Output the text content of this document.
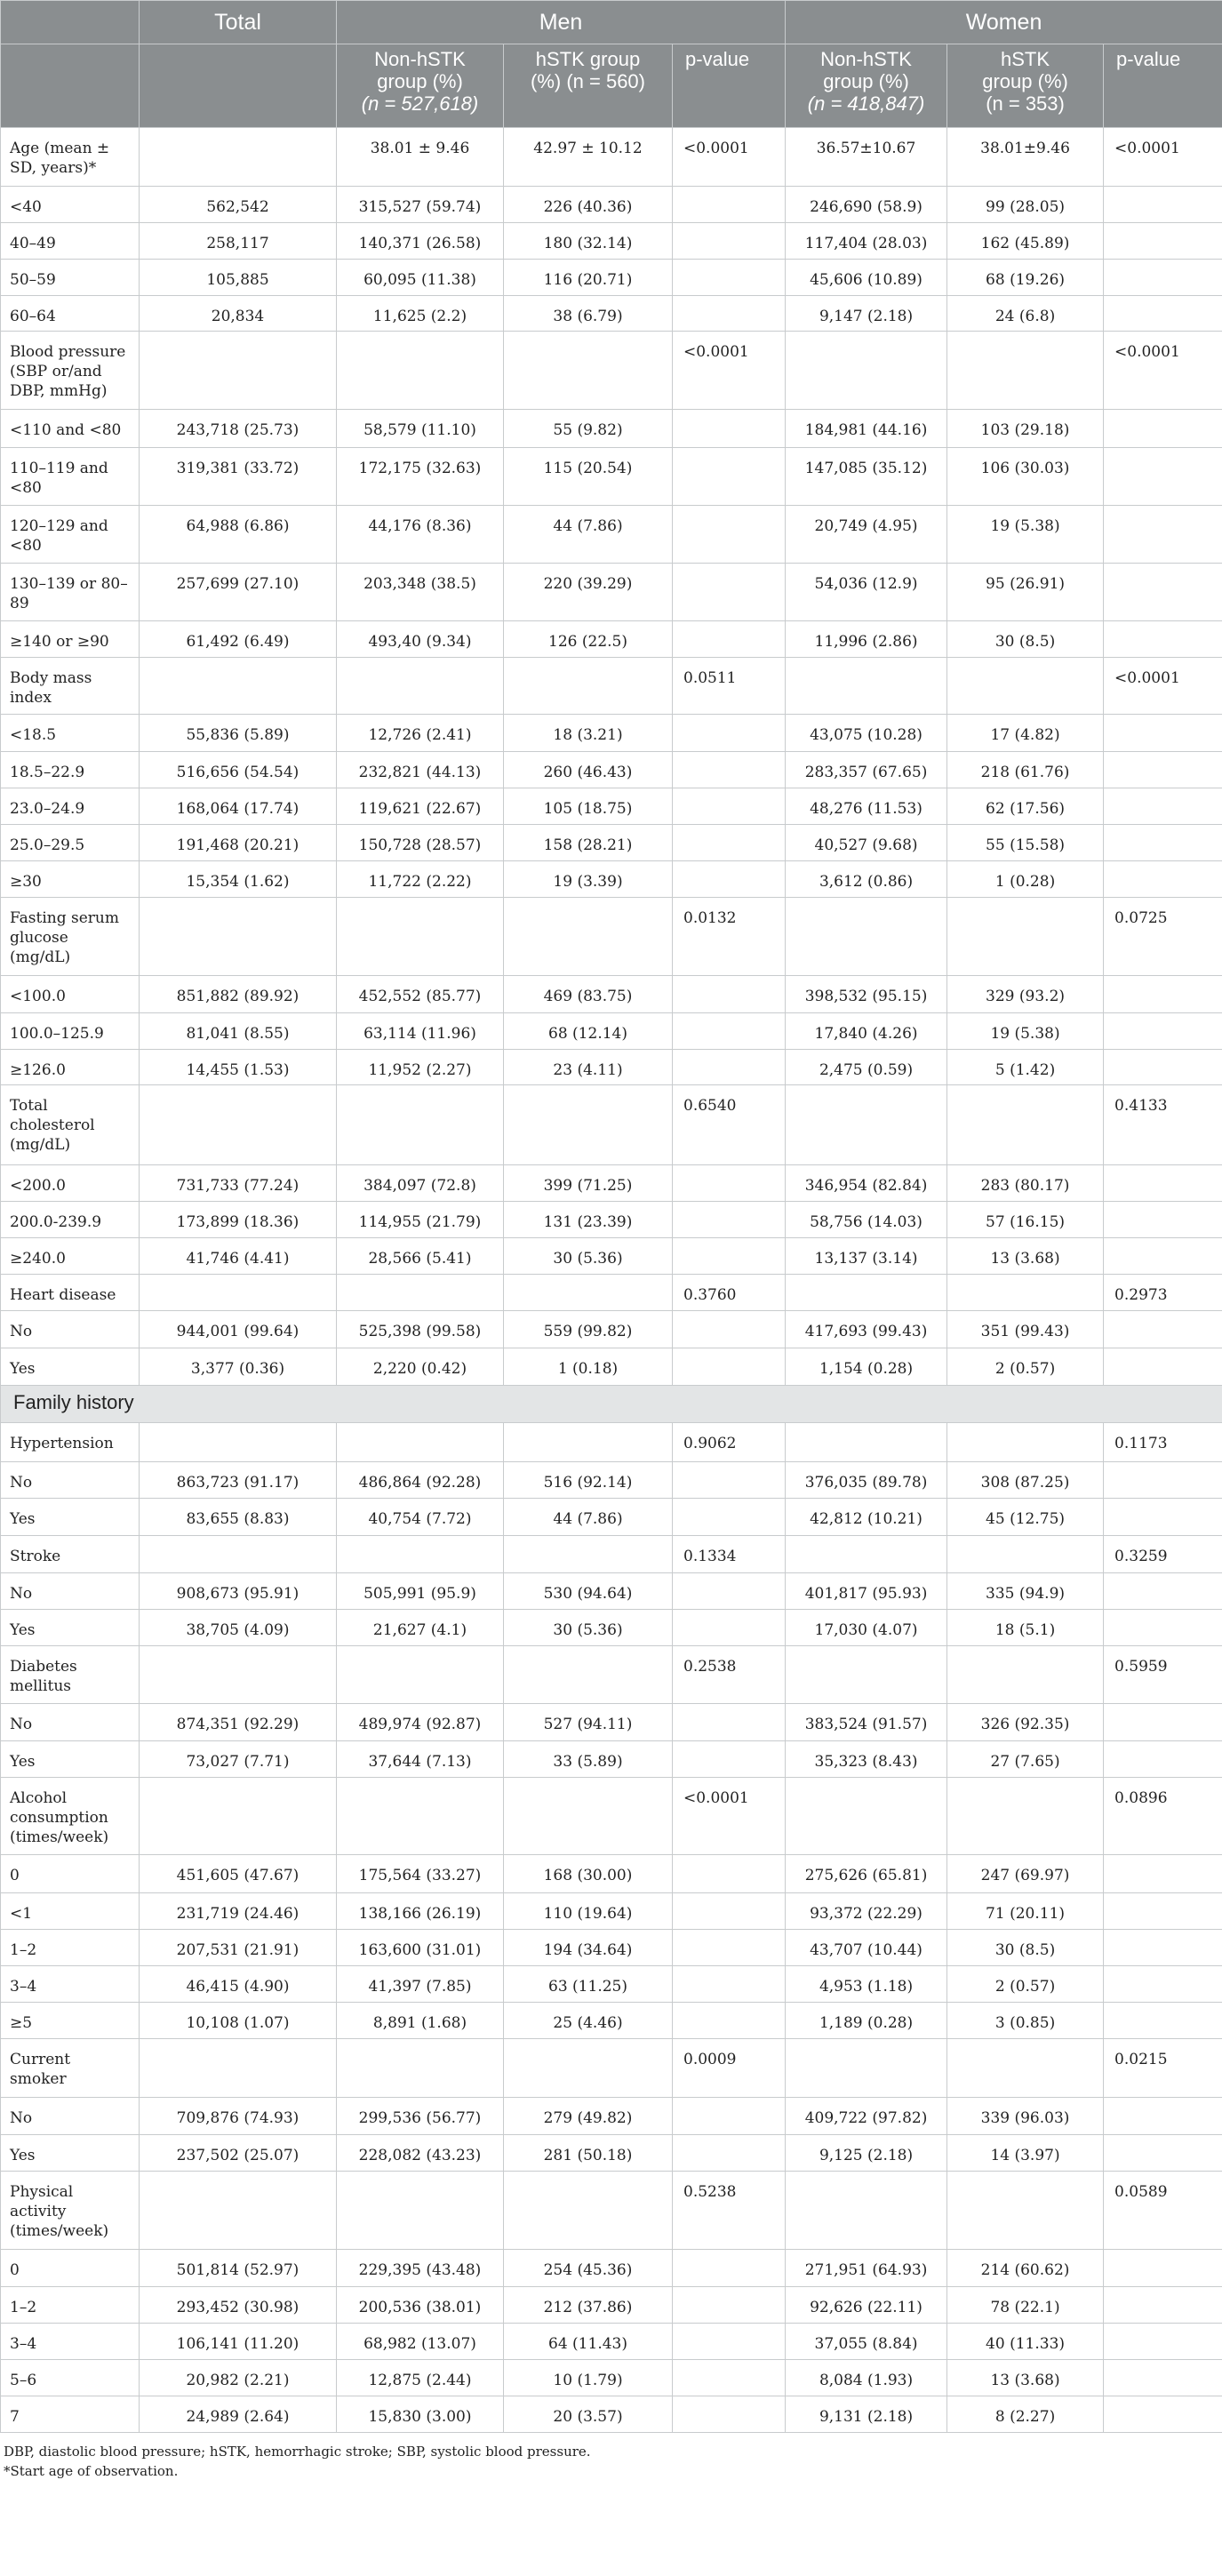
	Total	Men			Women		
		Non-hSTK
group (%)
(n = 527,618)	hSTK group
(%) (n = 560)	p-value	Non-hSTK
group (%)
(n = 418,847)	hSTK
group (%)
(n = 353)	p-value
Age (mean ± SD, years)*		38.01 ± 9.46	42.97 ± 10.12	<0.0001	36.57±10.67	38.01±9.46	<0.0001
<40	562,542	315,527 (59.74)	226 (40.36)		246,690 (58.9)	99 (28.05)	
40–49	258,117	140,371 (26.58)	180 (32.14)		117,404 (28.03)	162 (45.89)	
50–59	105,885	60,095 (11.38)	116 (20.71)		45,606 (10.89)	68 (19.26)	
60–64	20,834	11,625 (2.2)	38 (6.79)		9,147 (2.18)	24 (6.8)	
Blood pressure (SBP or/and DBP, mmHg)				<0.0001			<0.0001
<110 and <80	243,718 (25.73)	58,579 (11.10)	55 (9.82)		184,981 (44.16)	103 (29.18)	
110–119 and <80	319,381 (33.72)	172,175 (32.63)	115 (20.54)		147,085 (35.12)	106 (30.03)	
120–129 and <80	64,988 (6.86)	44,176 (8.36)	44 (7.86)		20,749 (4.95)	19 (5.38)	
130–139 or 80–89	257,699 (27.10)	203,348 (38.5)	220 (39.29)		54,036 (12.9)	95 (26.91)	
≥140 or ≥90	61,492 (6.49)	493,40 (9.34)	126 (22.5)		11,996 (2.86)	30 (8.5)	
Body mass index				0.0511			<0.0001
<18.5	55,836 (5.89)	12,726 (2.41)	18 (3.21)		43,075 (10.28)	17 (4.82)	
18.5–22.9	516,656 (54.54)	232,821 (44.13)	260 (46.43)		283,357 (67.65)	218 (61.76)	
23.0–24.9	168,064 (17.74)	119,621 (22.67)	105 (18.75)		48,276 (11.53)	62 (17.56)	
25.0–29.5	191,468 (20.21)	150,728 (28.57)	158 (28.21)		40,527 (9.68)	55 (15.58)	
≥30	15,354 (1.62)	11,722 (2.22)	19 (3.39)		3,612 (0.86)	1 (0.28)	
Fasting serum glucose (mg/dL)				0.0132			0.0725
<100.0	851,882 (89.92)	452,552 (85.77)	469 (83.75)		398,532 (95.15)	329 (93.2)	
100.0–125.9	81,041 (8.55)	63,114 (11.96)	68 (12.14)		17,840 (4.26)	19 (5.38)	
≥126.0	14,455 (1.53)	11,952 (2.27)	23 (4.11)		2,475 (0.59)	5 (1.42)	
Total cholesterol (mg/dL)				0.6540			0.4133
<200.0	731,733 (77.24)	384,097 (72.8)	399 (71.25)		346,954 (82.84)	283 (80.17)	
200.0-239.9	173,899 (18.36)	114,955 (21.79)	131 (23.39)		58,756 (14.03)	57 (16.15)	
≥240.0	41,746 (4.41)	28,566 (5.41)	30 (5.36)		13,137 (3.14)	13 (3.68)	
Heart disease				0.3760			0.2973
No	944,001 (99.64)	525,398 (99.58)	559 (99.82)		417,693 (99.43)	351 (99.43)	
Yes	3,377 (0.36)	2,220 (0.42)	1 (0.18)		1,154 (0.28)	2 (0.57)	
Family history							
Hypertension				0.9062			0.1173
No	863,723 (91.17)	486,864 (92.28)	516 (92.14)		376,035 (89.78)	308 (87.25)	
Yes	83,655 (8.83)	40,754 (7.72)	44 (7.86)		42,812 (10.21)	45 (12.75)	
Stroke				0.1334			0.3259
No	908,673 (95.91)	505,991 (95.9)	530 (94.64)		401,817 (95.93)	335 (94.9)	
Yes	38,705 (4.09)	21,627 (4.1)	30 (5.36)		17,030 (4.07)	18 (5.1)	
Diabetes mellitus				0.2538			0.5959
No	874,351 (92.29)	489,974 (92.87)	527 (94.11)		383,524 (91.57)	326 (92.35)	
Yes	73,027 (7.71)	37,644 (7.13)	33 (5.89)		35,323 (8.43)	27 (7.65)	
Alcohol consumption (times/week)				<0.0001			0.0896
0	451,605 (47.67)	175,564 (33.27)	168 (30.00)		275,626 (65.81)	247 (69.97)	
<1	231,719 (24.46)	138,166 (26.19)	110 (19.64)		93,372 (22.29)	71 (20.11)	
1–2	207,531 (21.91)	163,600 (31.01)	194 (34.64)		43,707 (10.44)	30 (8.5)	
3–4	46,415 (4.90)	41,397 (7.85)	63 (11.25)		4,953 (1.18)	2 (0.57)	
≥5	10,108 (1.07)	8,891 (1.68)	25 (4.46)		1,189 (0.28)	3 (0.85)	
Current smoker				0.0009			0.0215
No	709,876 (74.93)	299,536 (56.77)	279 (49.82)		409,722 (97.82)	339 (96.03)	
Yes	237,502 (25.07)	228,082 (43.23)	281 (50.18)		9,125 (2.18)	14 (3.97)	
Physical activity (times/week)				0.5238			0.0589
0	501,814 (52.97)	229,395 (43.48)	254 (45.36)		271,951 (64.93)	214 (60.62)	
1–2	293,452 (30.98)	200,536 (38.01)	212 (37.86)		92,626 (22.11)	78 (22.1)	
3–4	106,141 (11.20)	68,982 (13.07)	64 (11.43)		37,055 (8.84)	40 (11.33)	
5–6	20,982 (2.21)	12,875 (2.44)	10 (1.79)		8,084 (1.93)	13 (3.68)	
7	24,989 (2.64)	15,830 (3.00)	20 (3.57)		9,131 (2.18)	8 (2.27)	
DBP, diastolic blood pressure; hSTK, hemorrhagic stroke; SBP, systolic blood pressure.
*Start age of observation.
